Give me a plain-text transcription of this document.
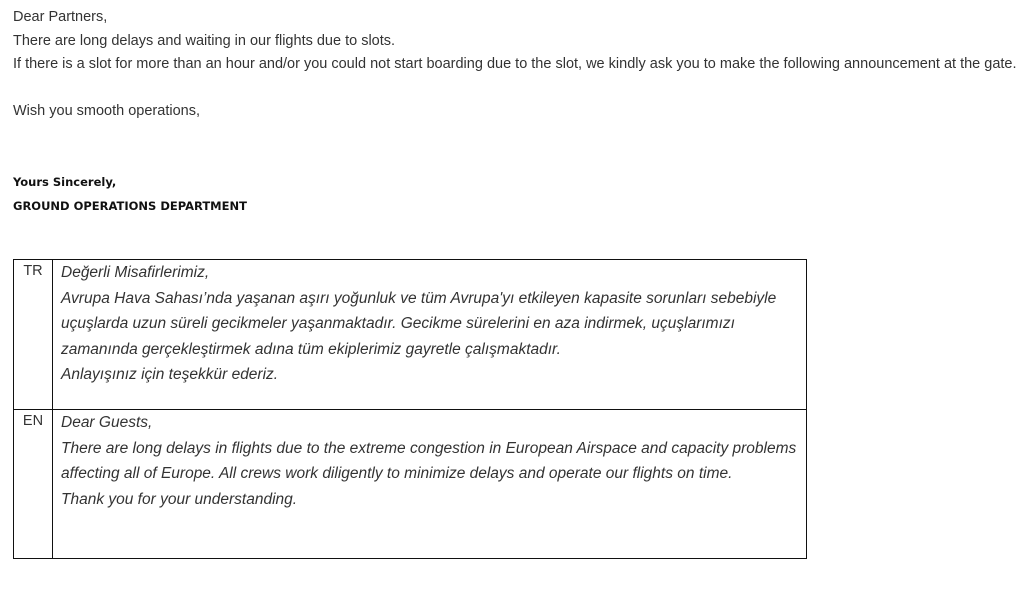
Dear Partners,

There are long delays and waiting in our flights due to slots.

If there is a slot for more than an hour and/or you could not start boarding due to the slot, we kindly ask you to make the following announcement at the gate.

Wish you smooth operations,

Yours Sincerely,

GROUND OPERATIONS DEPARTMENT

TR	Değerli Misafirlerimiz,

Avrupa Hava Sahası’nda yaşanan aşırı yoğunluk ve tüm Avrupa'yı etkileyen kapasite sorunları sebebiyle uçuşlarda uzun süreli gecikmeler yaşanmaktadır. Gecikme sürelerini en aza indirmek, uçuşlarımızı zamanında gerçekleştirmek adına tüm ekiplerimiz gayretle çalışmaktadır.

Anlayışınız için teşekkür ederiz.

EN	Dear Guests,

There are long delays in flights due to the extreme congestion in European Airspace and capacity problems affecting all of Europe. All crews work diligently to minimize delays and operate our flights on time.

Thank you for your understanding.
